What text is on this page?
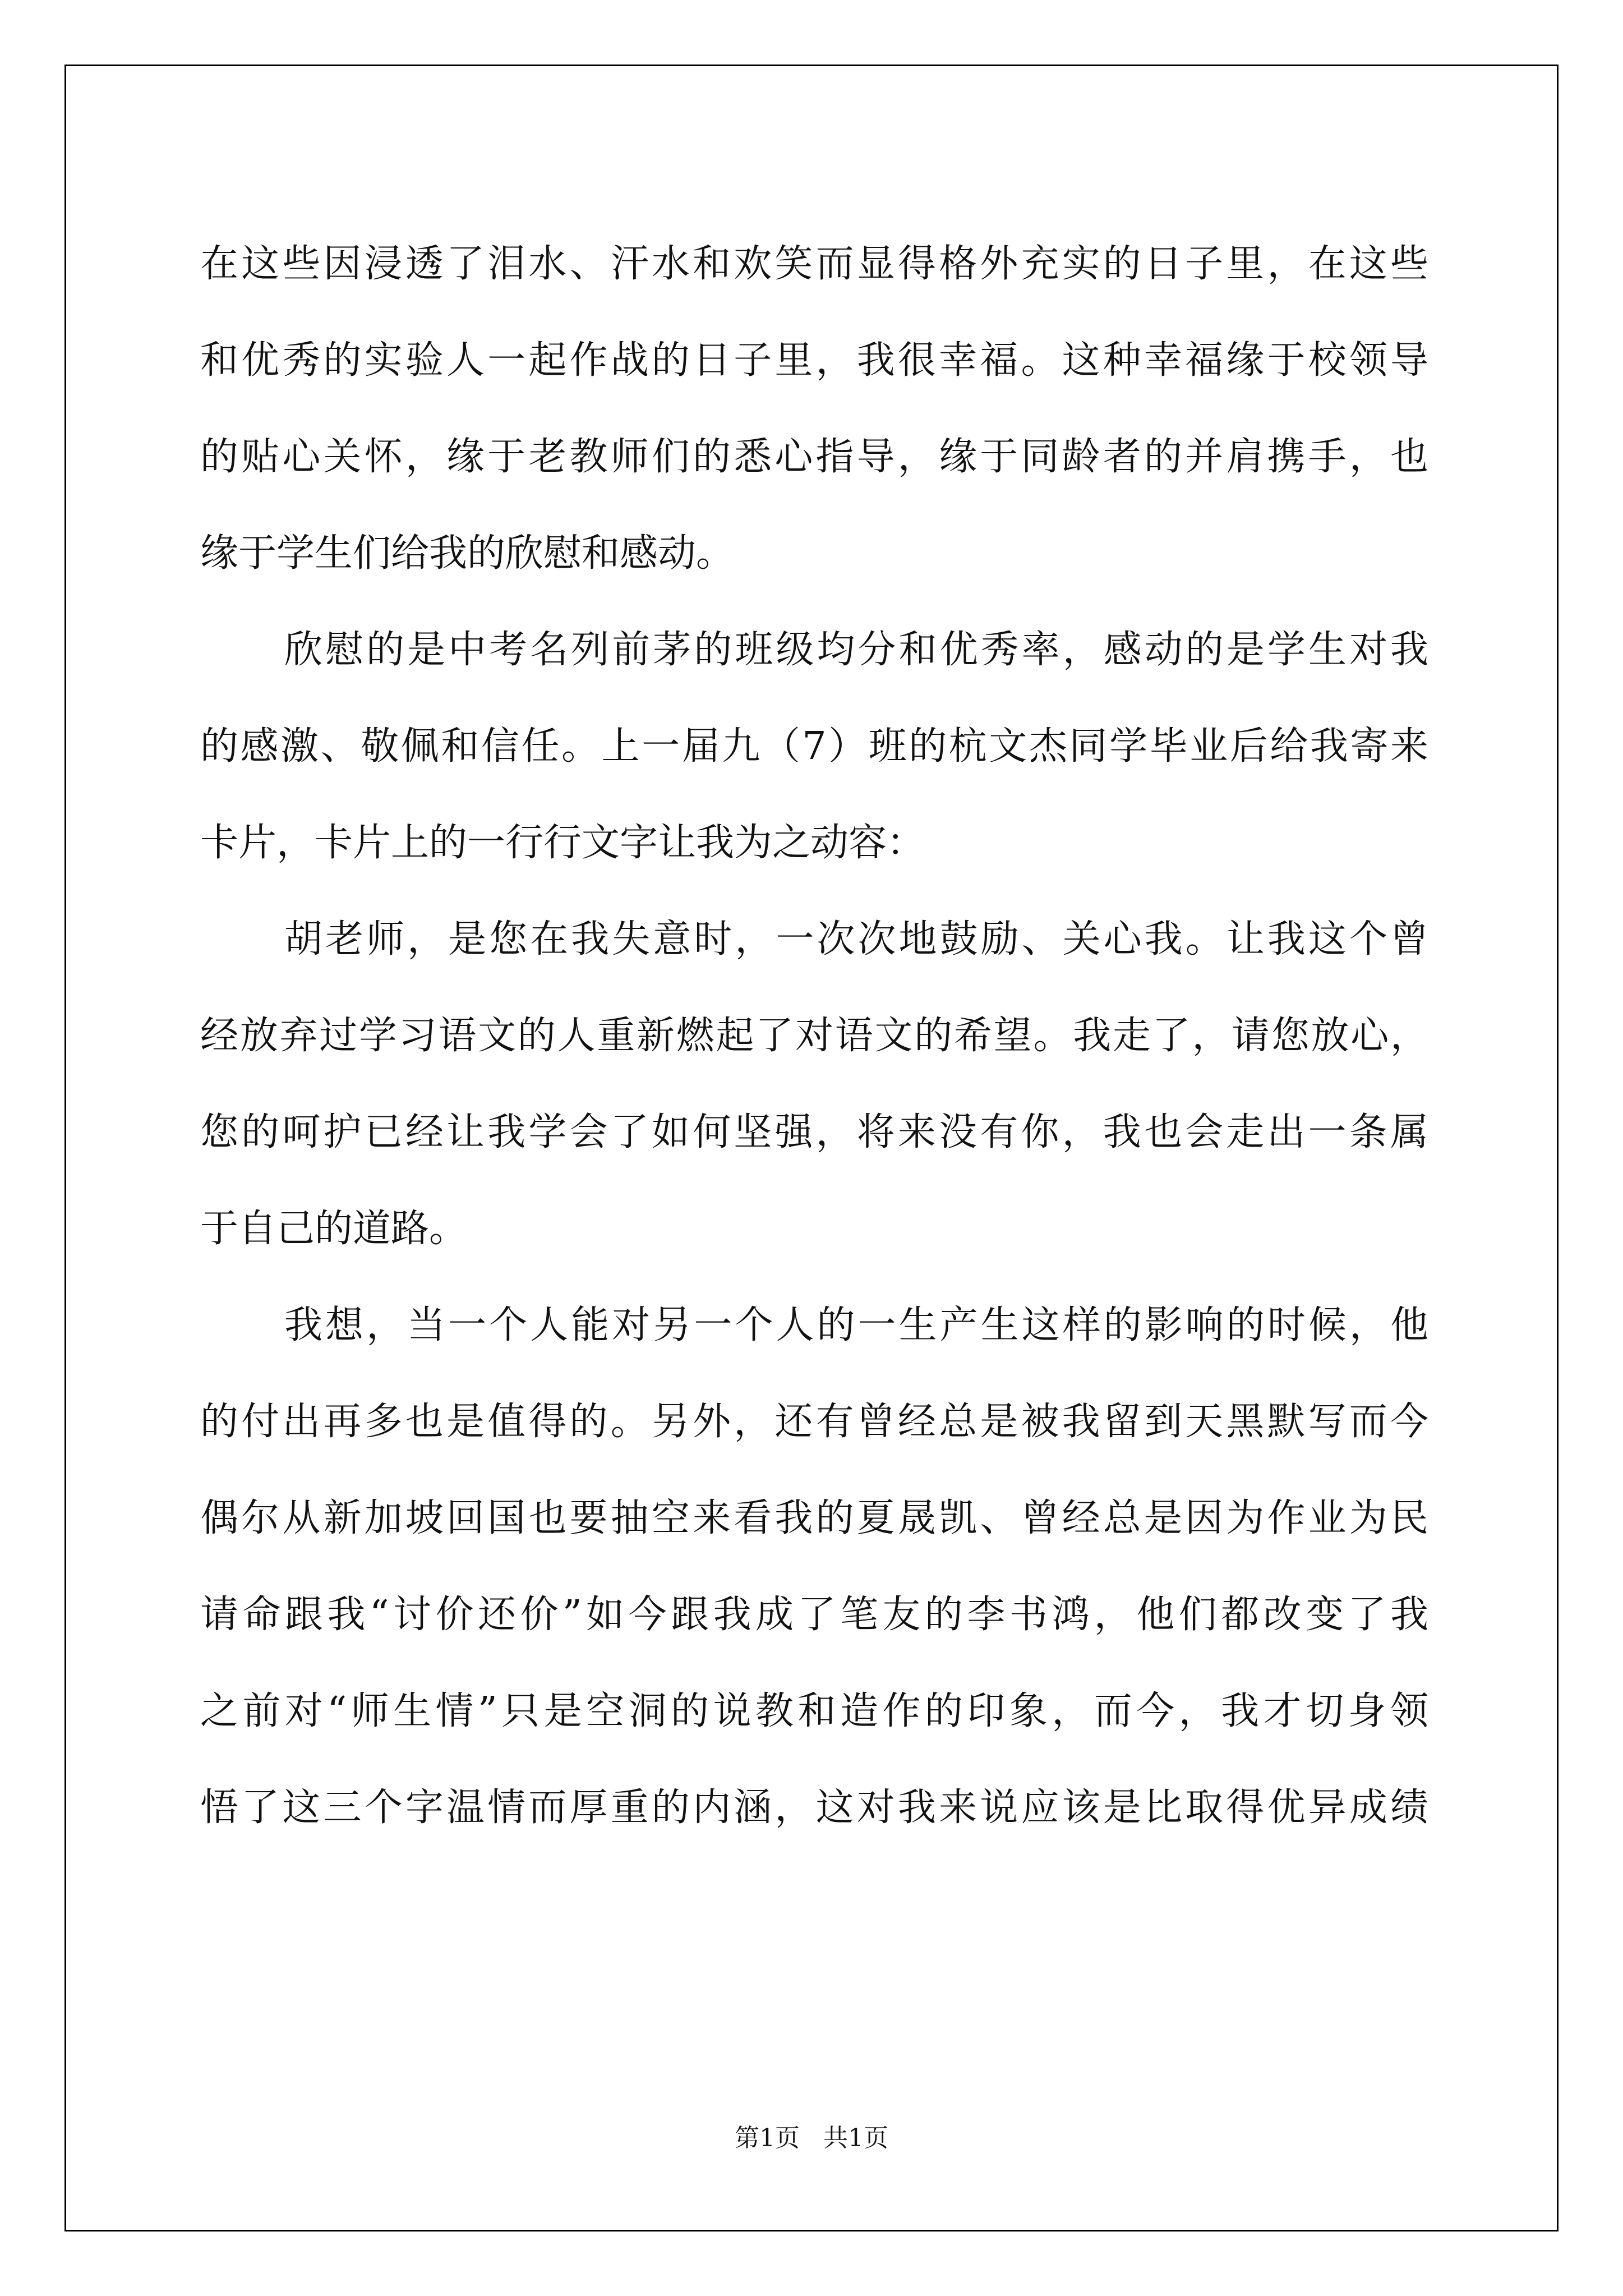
在这些因浸透了泪水、汗水和欢笑而显得格外充实的日子里，在这些
和优秀的实验人一起作战的日子里，我很幸福。这种幸福缘于校领导
的贴心关怀，缘于老教师们的悉心指导，缘于同龄者的并肩携手，也
缘于学生们给我的欣慰和感动。
欣慰的是中考名列前茅的班级均分和优秀率，感动的是学生对我
的感激、敬佩和信任。上一届九（7）班的杭文杰同学毕业后给我寄来
卡片，卡片上的一行行文字让我为之动容：
胡老师，是您在我失意时，一次次地鼓励、关心我。让我这个曾
经放弃过学习语文的人重新燃起了对语文的希望。我走了，请您放心，
您的呵护已经让我学会了如何坚强，将来没有你，我也会走出一条属
于自己的道路。
我想，当一个人能对另一个人的一生产生这样的影响的时候，他
的付出再多也是值得的。另外，还有曾经总是被我留到天黑默写而今
偶尔从新加坡回国也要抽空来看我的夏晟凯、曾经总是因为作业为民
请命跟我“讨价还价”如今跟我成了笔友的李书鸿，他们都改变了我
之前对“师生情”只是空洞的说教和造作的印象，而今，我才切身领
悟了这三个字温情而厚重的内涵，这对我来说应该是比取得优异成绩
第1页   共1页
